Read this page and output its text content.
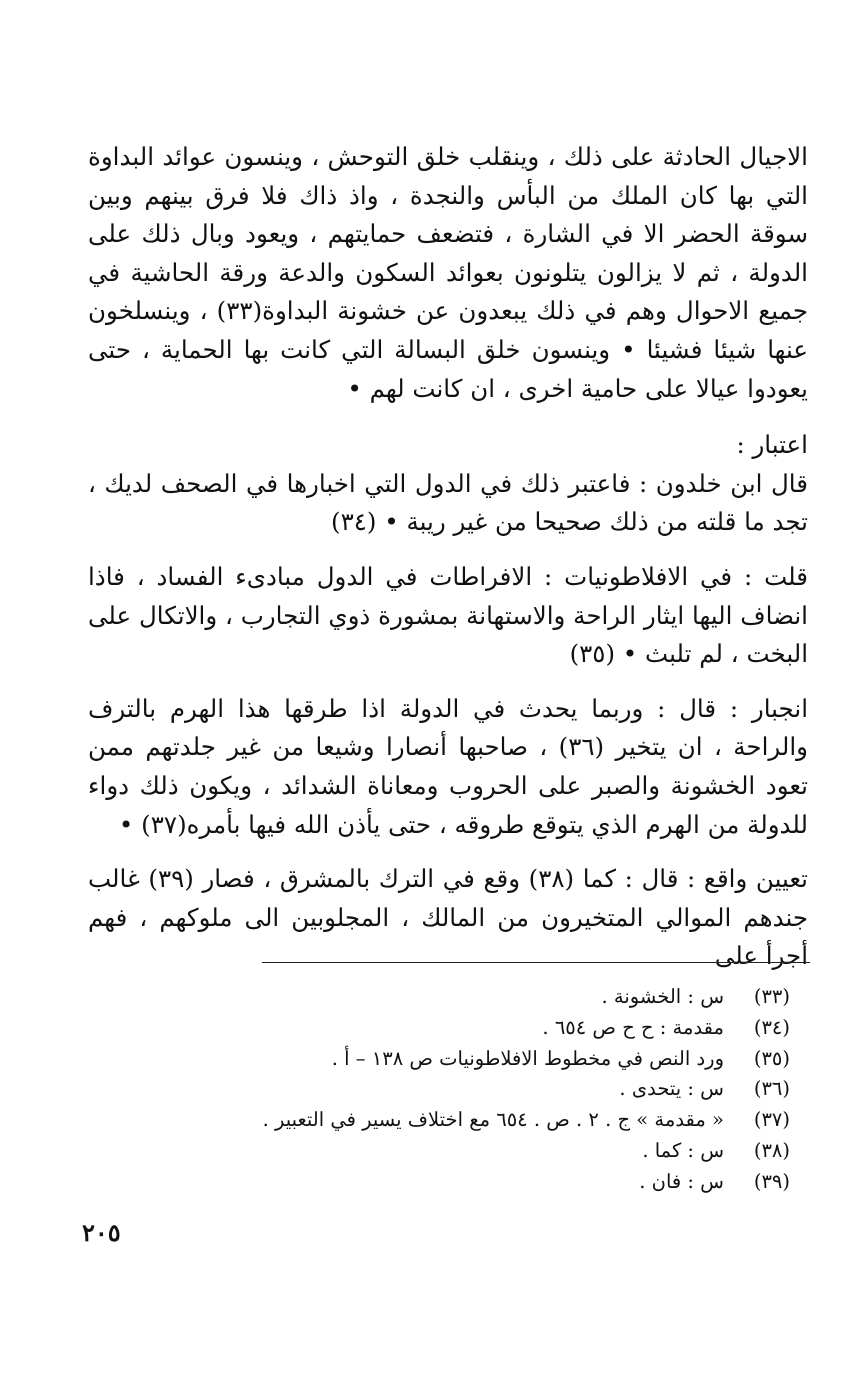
الاجيال الحادثة على ذلك ، وينقلب خلق التوحش ، وينسون عوائد البداوة التي بها كان الملك من البأس والنجدة ، واذ ذاك فلا فرق بينهم وبين سوقة الحضر الا في الشارة ، فتضعف حمايتهم ، ويعود وبال ذلك على الدولة ، ثم لا يزالون يتلونون بعوائد السكون والدعة ورقة الحاشية في جميع الاحوال وهم في ذلك يبعدون عن خشونة البداوة(٣٣) ، وينسلخون عنها شيئا فشيئا • وينسون خلق البسالة التي كانت بها الحماية ، حتى يعودوا عيالا على حامية اخرى ، ان كانت لهم •

اعتبار :

قال ابن خلدون : فاعتبر ذلك في الدول التي اخبارها في الصحف لديك ، تجد ما قلته من ذلك صحيحا من غير ريبة • (٣٤)

قلت : في الافلاطونيات : الافراطات في الدول مبادىء الفساد ، فاذا انضاف اليها ايثار الراحة والاستهانة بمشورة ذوي التجارب ، والاتكال على البخت ، لم تلبث • (٣٥)

انجبار : قال : وربما يحدث في الدولة اذا طرقها هذا الهرم بالترف والراحة ، ان يتخير (٣٦) ، صاحبها أنصارا وشيعا من غير جلدتهم ممن تعود الخشونة والصبر على الحروب ومعاناة الشدائد ، ويكون ذلك دواء للدولة من الهرم الذي يتوقع طروقه ، حتى يأذن الله فيها بأمره(٣٧) •

تعيين واقع : قال : كما (٣٨) وقع في الترك بالمشرق ، فصار (٣٩) غالب جندهم الموالي المتخيرون من المالك ، المجلوبين الى ملوكهم ، فهم أجرأ على

(٣٣)
س : الخشونة .
(٣٤)
مقدمة : ح ح ص ٦٥٤ .
(٣٥)
ورد النص في مخطوط الافلاطونيات ص ١٣٨ – أ .
(٣٦)
س : يتحدى .
(٣٧)
« مقدمة » ج . ٢ . ص . ٦٥٤ مع اختلاف يسير في التعبير .
(٣٨)
س : كما .
(٣٩)
س : فان .
٢٠٥
